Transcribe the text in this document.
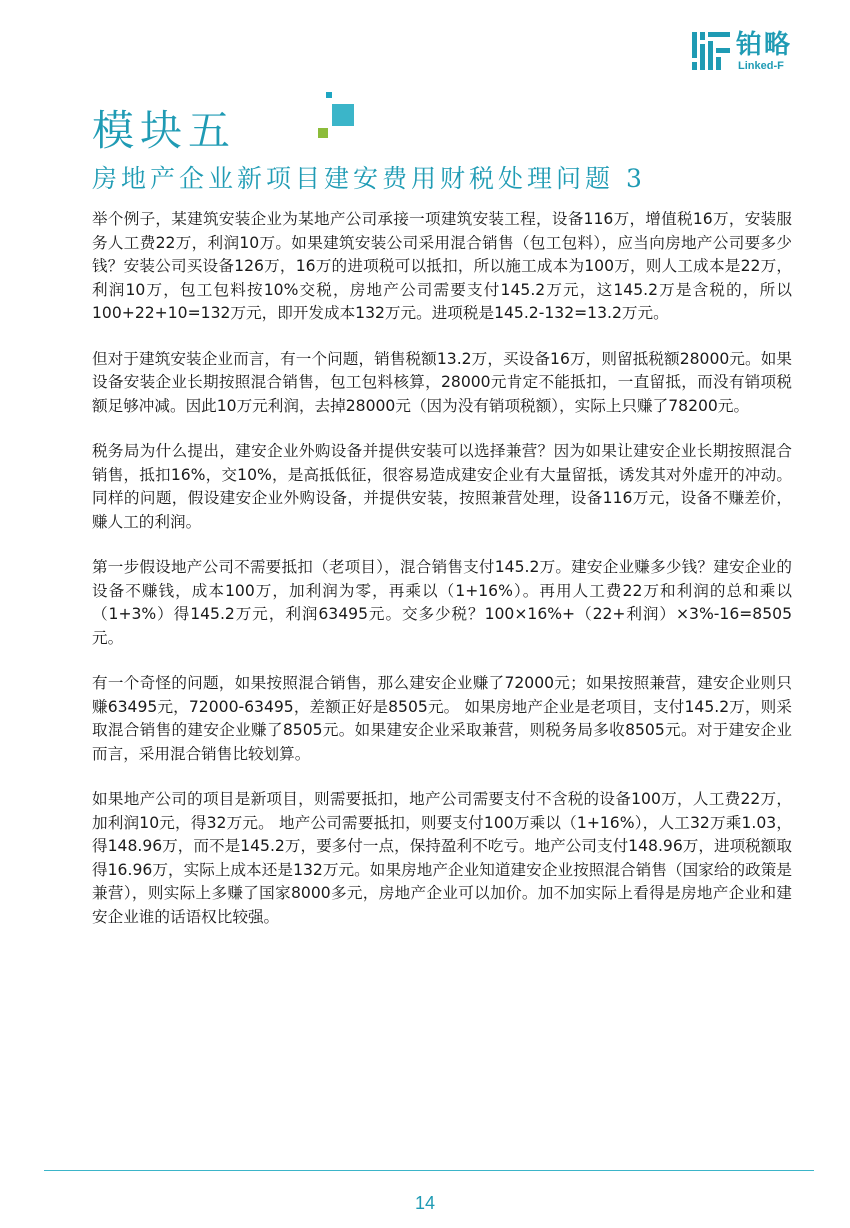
铂略
Linked-F
模块五
房地产企业新项目建安费用财税处理问题 3

举个例子，某建筑安装企业为某地产公司承接一项建筑安装工程，设备116万，增值税16万，安装服务人工费22万，利润10万。如果建筑安装公司采用混合销售（包工包料），应当向房地产公司要多少钱？安装公司买设备126万，16万的进项税可以抵扣，所以施工成本为100万，则人工成本是22万，利润10万，包工包料按10%交税，房地产公司需要支付145.2万元，这145.2万是含税的，所以100+22+10=132万元，即开发成本132万元。进项税是145.2-132=13.2万元。

但对于建筑安装企业而言，有一个问题，销售税额13.2万，买设备16万，则留抵税额28000元。如果设备安装企业长期按照混合销售，包工包料核算，28000元肯定不能抵扣，一直留抵，而没有销项税额足够冲减。因此10万元利润，去掉28000元（因为没有销项税额），实际上只赚了78200元。

税务局为什么提出，建安企业外购设备并提供安装可以选择兼营？因为如果让建安企业长期按照混合销售，抵扣16%，交10%，是高抵低征，很容易造成建安企业有大量留抵，诱发其对外虚开的冲动。同样的问题，假设建安企业外购设备，并提供安装，按照兼营处理，设备116万元，设备不赚差价，赚人工的利润。

第一步假设地产公司不需要抵扣（老项目），混合销售支付145.2万。建安企业赚多少钱？建安企业的设备不赚钱，成本100万，加利润为零，再乘以（1+16%）。再用人工费22万和利润的总和乘以（1+3%）得145.2万元，利润63495元。交多少税？100×16%+（22+利润）×3%-16=8505元。

有一个奇怪的问题，如果按照混合销售，那么建安企业赚了72000元；如果按照兼营，建安企业则只赚63495元，72000-63495，差额正好是8505元。 如果房地产企业是老项目，支付145.2万，则采取混合销售的建安企业赚了8505元。如果建安企业采取兼营，则税务局多收8505元。对于建安企业而言，采用混合销售比较划算。

如果地产公司的项目是新项目，则需要抵扣，地产公司需要支付不含税的设备100万，人工费22万，加利润10元，得32万元。 地产公司需要抵扣，则要支付100万乘以（1+16%），人工32万乘1.03，得148.96万，而不是145.2万，要多付一点，保持盈利不吃亏。地产公司支付148.96万，进项税额取得16.96万，实际上成本还是132万元。如果房地产企业知道建安企业按照混合销售（国家给的政策是兼营），则实际上多赚了国家8000多元，房地产企业可以加价。加不加实际上看得是房地产企业和建安企业谁的话语权比较强。

14
